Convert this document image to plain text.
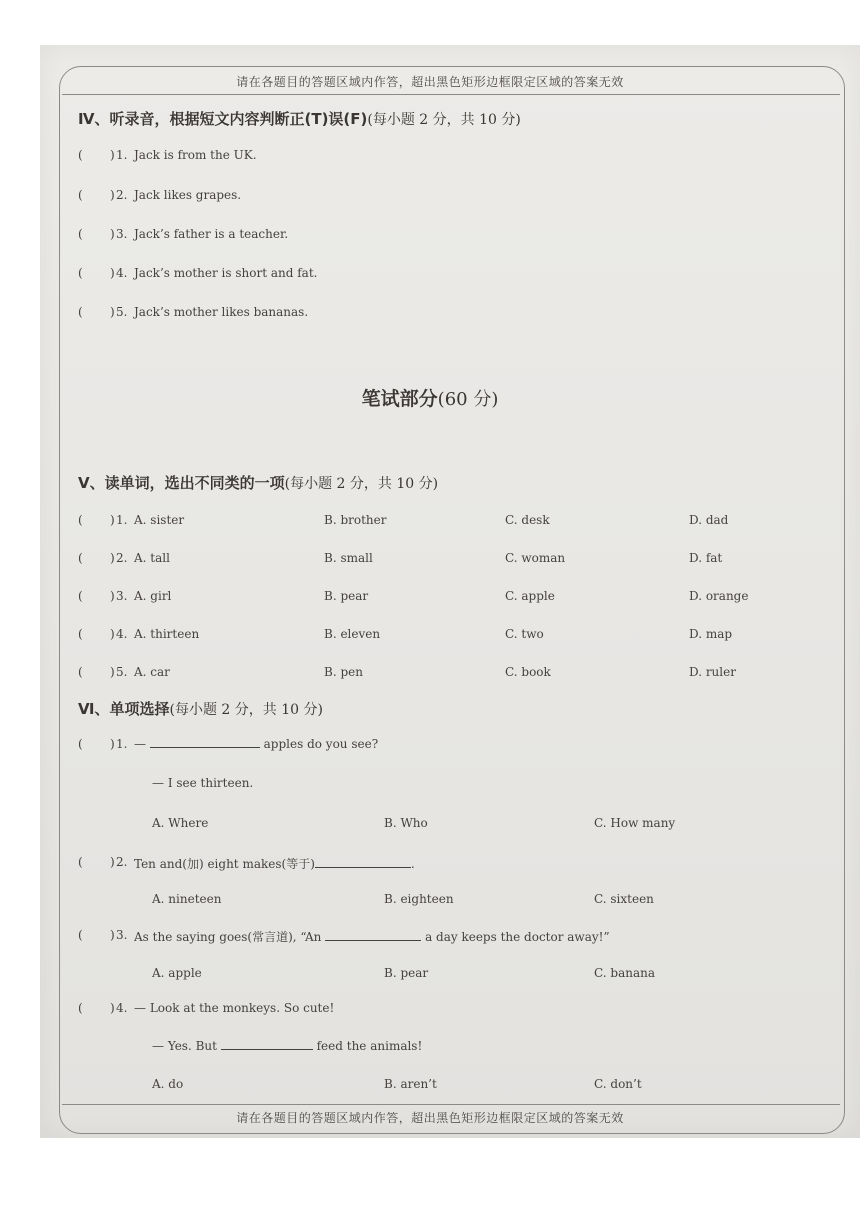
请在各题目的答题区域内作答，超出黑色矩形边框限定区域的答案无效
Ⅳ、听录音，根据短文内容判断正(T)误(F)(每小题 2 分，共 10 分)
(	1. Jack is from the UK.
)
(	2. Jack likes grapes.
)
(	3. Jack’s father is a teacher.
)
(	4. Jack’s mother is short and fat.
)
(	5. Jack’s mother likes bananas.
)
笔试部分(60 分)
Ⅴ、读单词，选出不同类的一项(每小题 2 分，共 10 分)
(	1. A. sister	B. brother	C. desk	D. dad
)
(	2. A. tall	B. small	C. woman	D. fat
)
(	3. A. girl	B. pear	C. apple	D. orange
)
(	4. A. thirteen	B. eleven	C. two	D. map
)
(	5. A. car	B. pen	C. book	D. ruler
)
Ⅵ、单项选择(每小题 2 分，共 10 分)
(	1. —	apples do you see?
— I see thirteen.
A. Where	B. Who	C. How many
)
(	2. Ten and(加) eight makes(等于)	.
A. nineteen	B. eighteen	C. sixteen
)
(	3. As the saying goes(常言道), “An	a day keeps the doctor away!”
A. apple	B. pear	C. banana
)
(	4. — Look at the monkeys. So cute!
— Yes. But	feed the animals!
A. do	B. aren’t	C. don’t
)
请在各题目的答题区域内作答，超出黑色矩形边框限定区域的答案无效
